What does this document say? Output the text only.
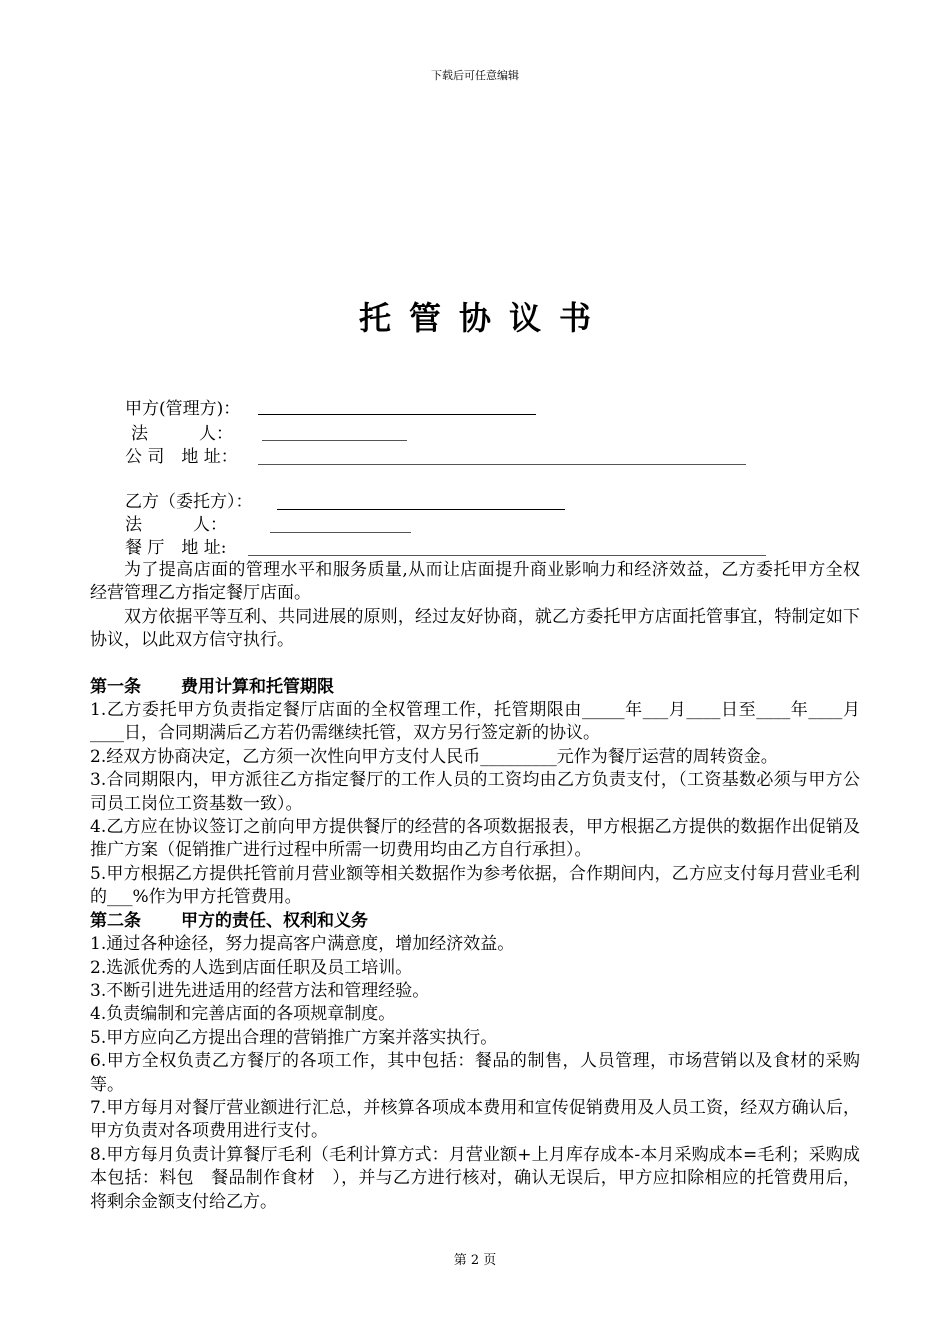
下载后可任意编辑
托管协议书
甲方(管理方)：
法　　　人：
公 司　地 址：
乙方（委托方）：
法　　　人：
餐 厅　地 址:

为了提高店面的管理水平和服务质量,从而让店面提升商业影响力和经济效益，乙方委托甲方全权经营管理乙方指定餐厅店面。

双方依据平等互利、共同进展的原则，经过友好协商，就乙方委托甲方店面托管事宜，特制定如下协议，以此双方信守执行。

第一条 费用计算和托管期限

1.乙方委托甲方负责指定餐厅店面的全权管理工作，托管期限由_____年___月____日至____年____月____日，合同期满后乙方若仍需继续托管，双方另行签定新的协议。

2.经双方协商决定，乙方须一次性向甲方支付人民币_________元作为餐厅运营的周转资金。

3.合同期限内，甲方派往乙方指定餐厅的工作人员的工资均由乙方负责支付，（工资基数必须与甲方公司员工岗位工资基数一致）。

4.乙方应在协议签订之前向甲方提供餐厅的经营的各项数据报表，甲方根据乙方提供的数据作出促销及推广方案（促销推广进行过程中所需一切费用均由乙方自行承担）。

5.甲方根据乙方提供托管前月营业额等相关数据作为参考依据，合作期间内，乙方应支付每月营业毛利的___%作为甲方托管费用。

第二条 甲方的责任、权利和义务

1.通过各种途径，努力提高客户满意度，增加经济效益。

2.选派优秀的人选到店面任职及员工培训。

3.不断引进先进适用的经营方法和管理经验。

4.负责编制和完善店面的各项规章制度。

5.甲方应向乙方提出合理的营销推广方案并落实执行。

6.甲方全权负责乙方餐厅的各项工作，其中包括：餐品的制售，人员管理，市场营销以及食材的采购等。

7.甲方每月对餐厅营业额进行汇总，并核算各项成本费用和宣传促销费用及人员工资，经双方确认后，甲方负责对各项费用进行支付。

8.甲方每月负责计算餐厅毛利（毛利计算方式：月营业额+上月库存成本-本月采购成本=毛利；采购成本包括：料包　餐品制作食材　），并与乙方进行核对，确认无误后，甲方应扣除相应的托管费用后，将剩余金额支付给乙方。

第 2 页
